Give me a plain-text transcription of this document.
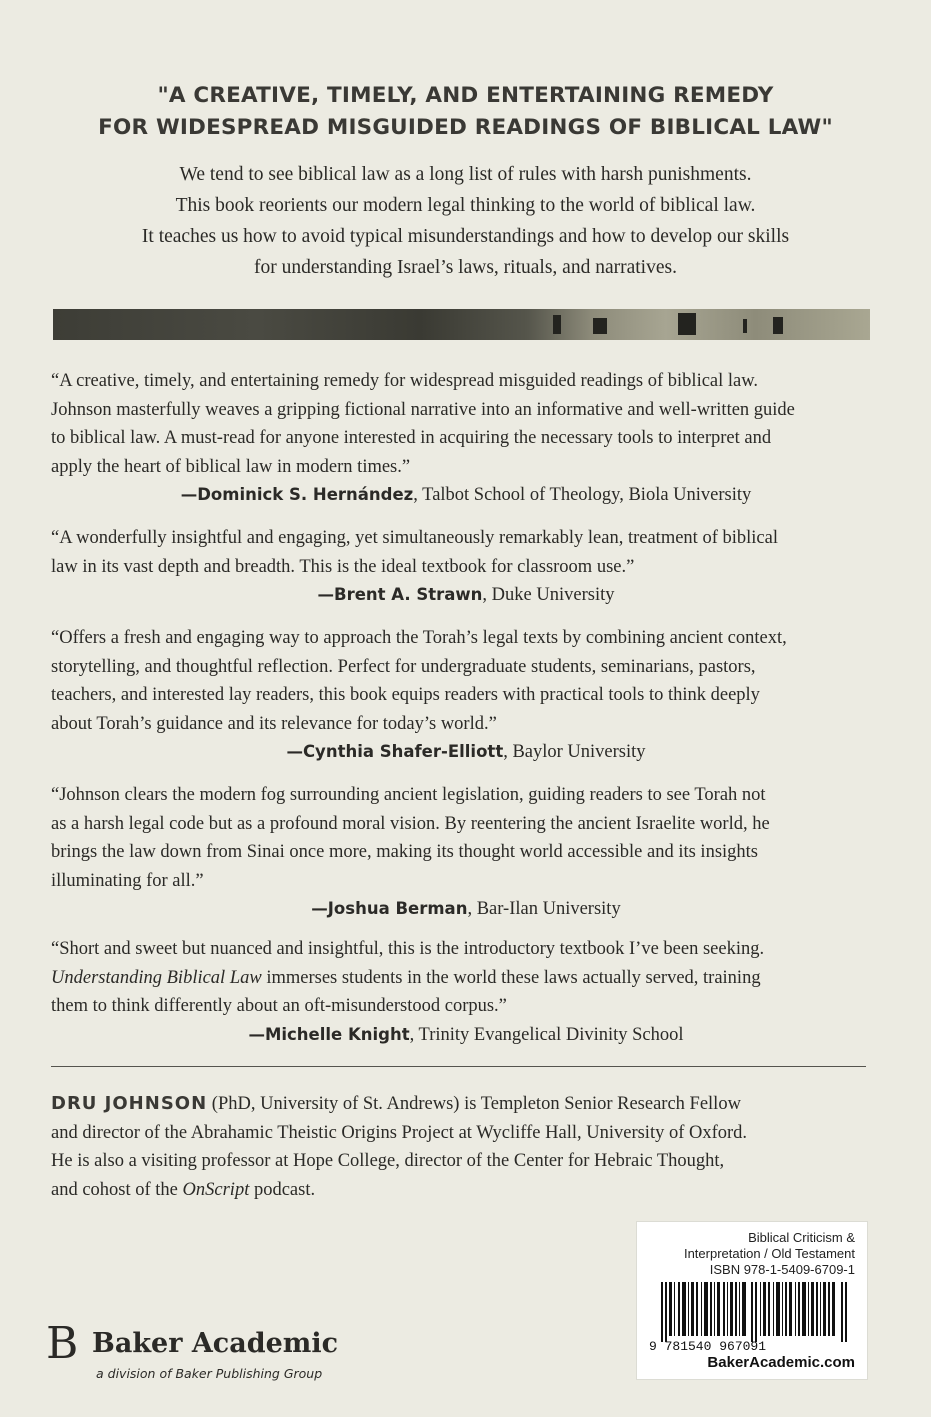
"A CREATIVE, TIMELY, AND ENTERTAINING REMEDY
FOR WIDESPREAD MISGUIDED READINGS OF BIBLICAL LAW"
We tend to see biblical law as a long list of rules with harsh punishments.
This book reorients our modern legal thinking to the world of biblical law.
It teaches us how to avoid typical misunderstandings and how to develop our skills
for understanding Israel’s laws, rituals, and narratives.
“A creative, timely, and entertaining remedy for widespread misguided readings of biblical law.
Johnson masterfully weaves a gripping fictional narrative into an informative and well-written guide
to biblical law. A must-read for anyone interested in acquiring the necessary tools to interpret and
apply the heart of biblical law in modern times.”
—Dominick S. Hernández, Talbot School of Theology, Biola University
“A wonderfully insightful and engaging, yet simultaneously remarkably lean, treatment of biblical
law in its vast depth and breadth. This is the ideal textbook for classroom use.”
—Brent A. Strawn, Duke University
“Offers a fresh and engaging way to approach the Torah’s legal texts by combining ancient context,
storytelling, and thoughtful reflection. Perfect for undergraduate students, seminarians, pastors,
teachers, and interested lay readers, this book equips readers with practical tools to think deeply
about Torah’s guidance and its relevance for today’s world.”
—Cynthia Shafer-Elliott, Baylor University
“Johnson clears the modern fog surrounding ancient legislation, guiding readers to see Torah not
as a harsh legal code but as a profound moral vision. By reentering the ancient Israelite world, he
brings the law down from Sinai once more, making its thought world accessible and its insights
illuminating for all.”
—Joshua Berman, Bar-Ilan University
“Short and sweet but nuanced and insightful, this is the introductory textbook I’ve been seeking.
Understanding Biblical Law immerses students in the world these laws actually served, training
them to think differently about an oft-misunderstood corpus.”
—Michelle Knight, Trinity Evangelical Divinity School
DRU JOHNSON (PhD, University of St. Andrews) is Templeton Senior Research Fellow
and director of the Abrahamic Theistic Origins Project at Wycliffe Hall, University of Oxford.
He is also a visiting professor at Hope College, director of the Center for Hebraic Thought,
and cohost of the OnScript podcast.
B Baker Academic
a division of Baker Publishing Group
Biblical Criticism &
Interpretation / Old Testament
ISBN 978-1-5409-6709-1
9 781540 967091
BakerAcademic.com
